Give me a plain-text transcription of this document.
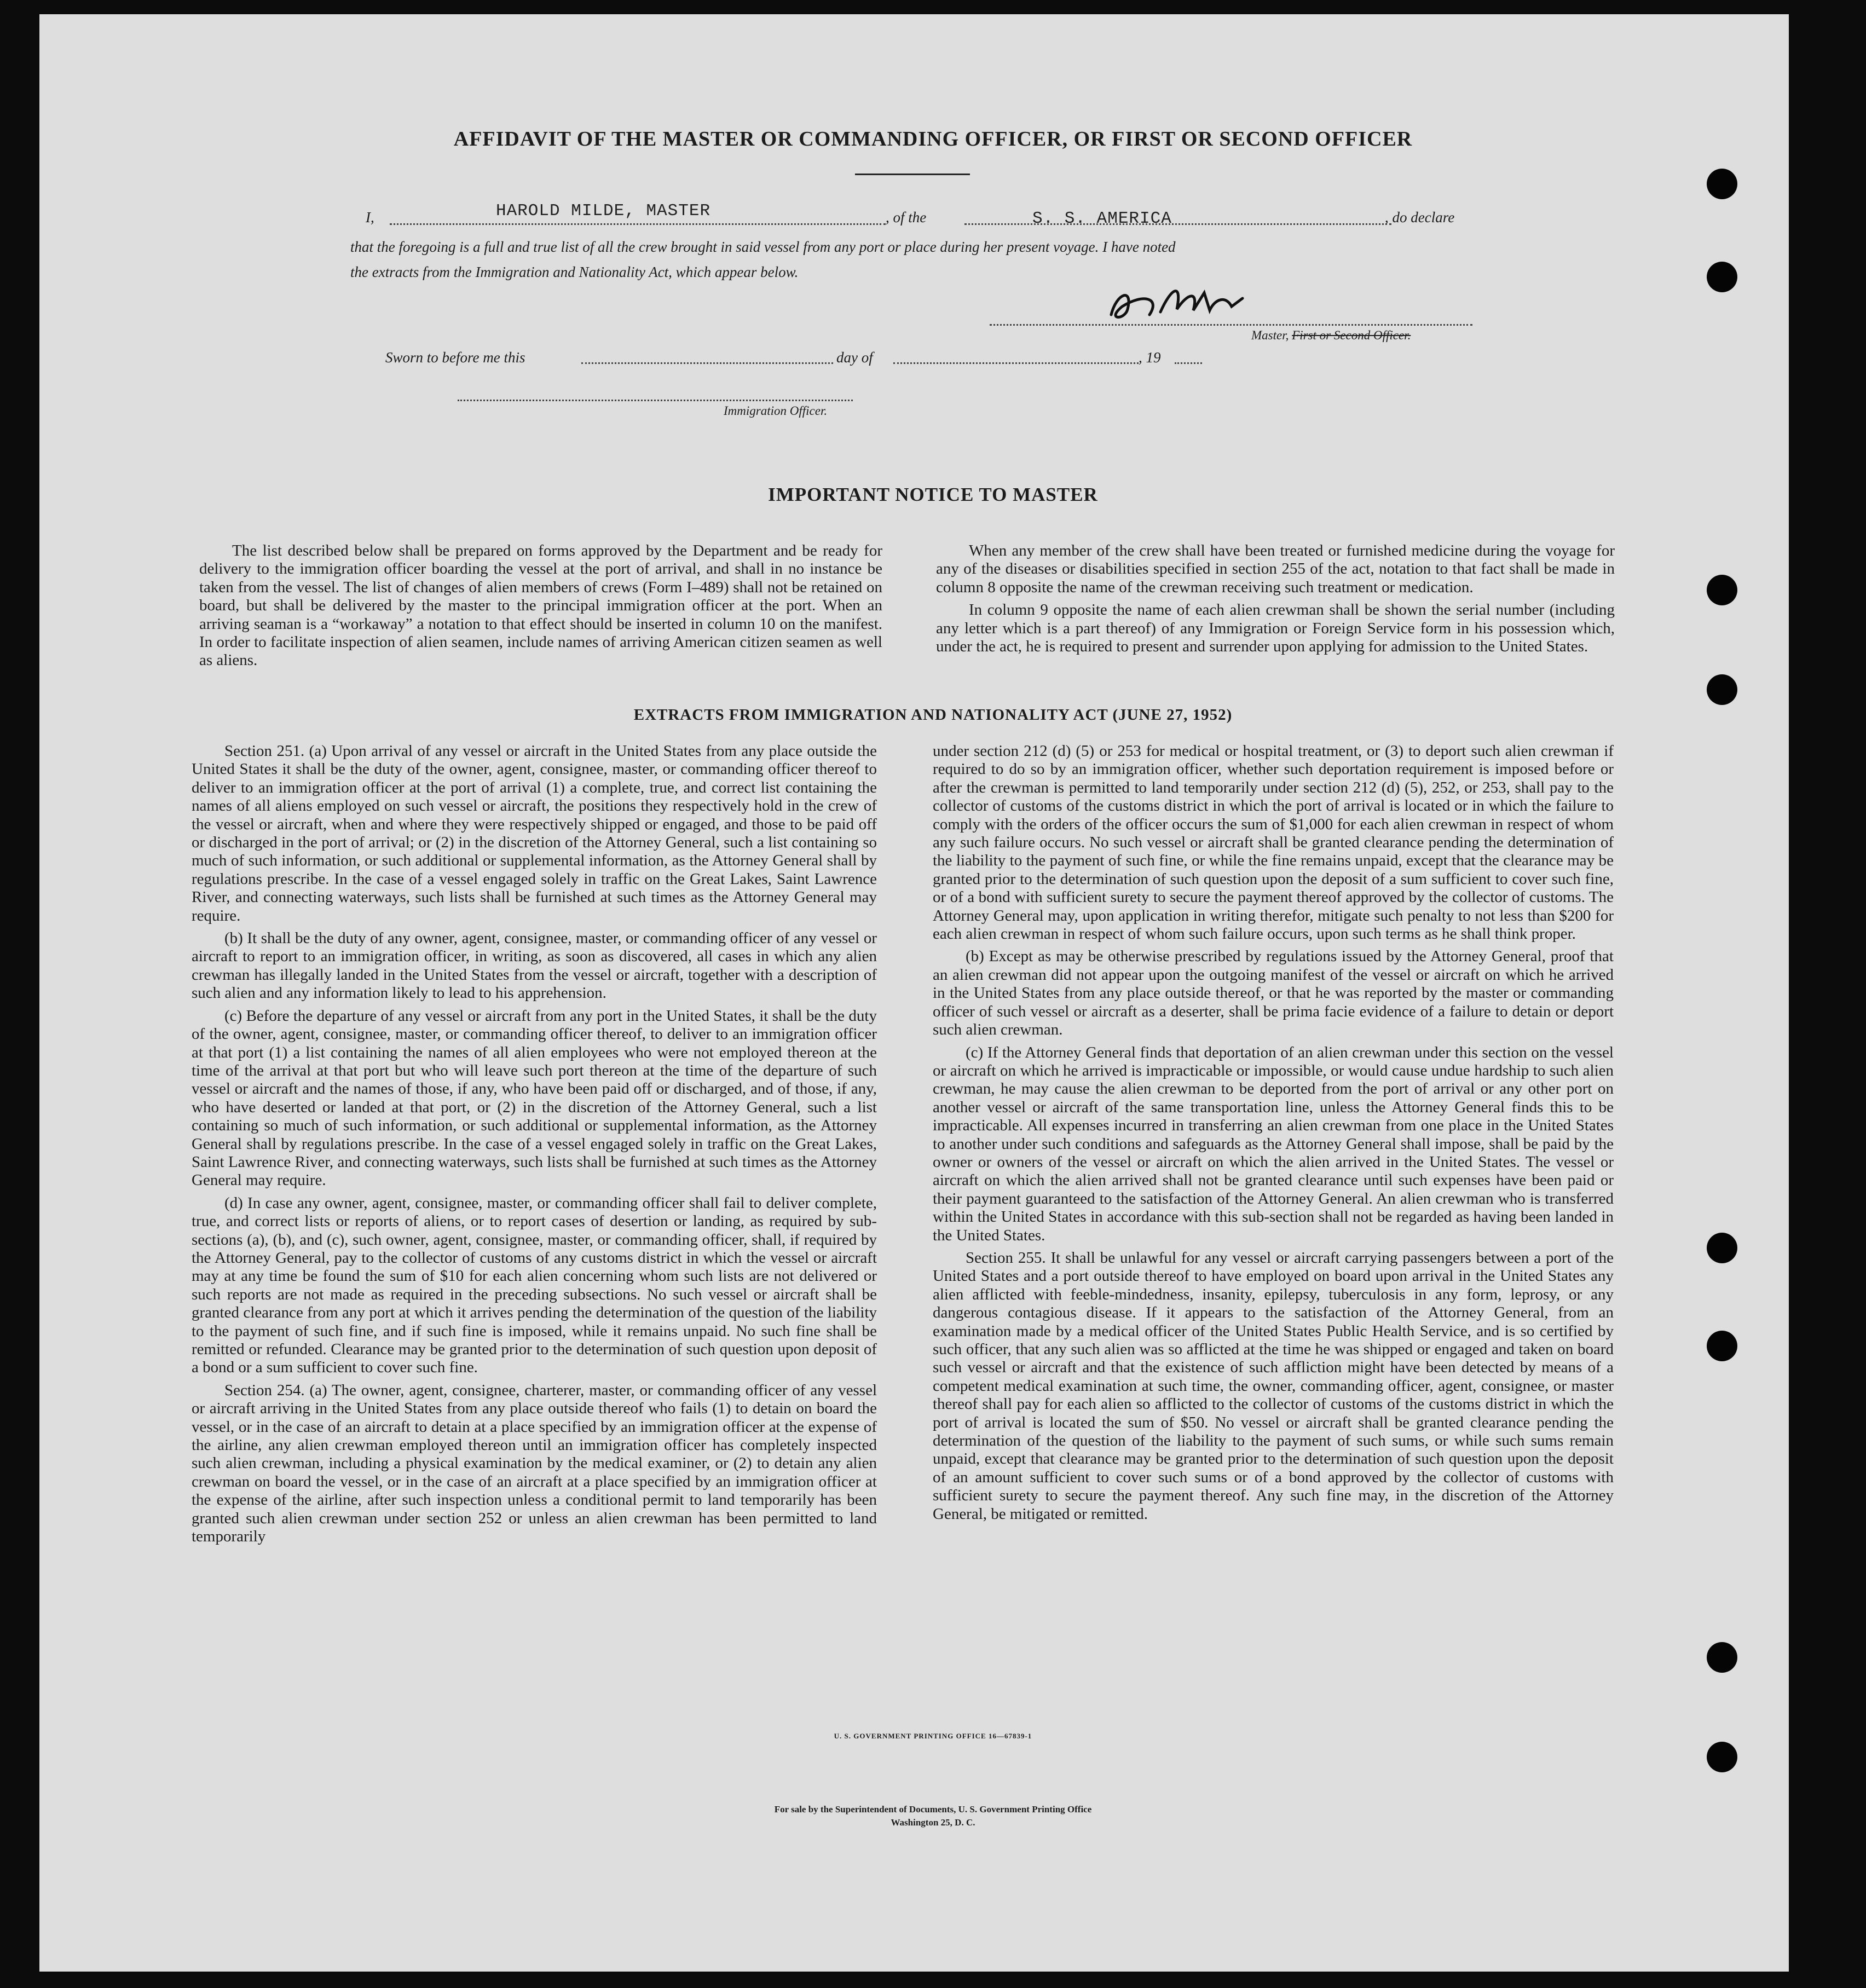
AFFIDAVIT OF THE MASTER OR COMMANDING OFFICER, OR FIRST OR SECOND OFFICER
I,	HAROLD MILDE, MASTER	, of the	S. S. AMERICA	, do declare
that the foregoing is a full and true list of all the crew brought in said vessel from any port or place during her present voyage. I have noted
the extracts from the Immigration and Nationality Act, which appear below.
Master, First or Second Officer.
Sworn to before me this	day of	, 19
Immigration Officer.
IMPORTANT NOTICE TO MASTER

The list described below shall be prepared on forms approved by the Department and be ready for delivery to the immigration officer boarding the vessel at the port of arrival, and shall in no instance be taken from the vessel. The list of changes of alien members of crews (Form I–489) shall not be retained on board, but shall be delivered by the master to the principal immigration officer at the port. When an arriving seaman is a “workaway” a notation to that effect should be inserted in column 10 on the manifest. In order to facilitate inspection of alien seamen, include names of arriving American citizen seamen as well as aliens.

When any member of the crew shall have been treated or furnished medicine during the voyage for any of the diseases or disabilities specified in section 255 of the act, notation to that fact shall be made in column 8 opposite the name of the crewman receiving such treatment or medication.

In column 9 opposite the name of each alien crewman shall be shown the serial number (including any letter which is a part thereof) of any Immigration or Foreign Service form in his possession which, under the act, he is required to present and surrender upon applying for admission to the United States.

EXTRACTS FROM IMMIGRATION AND NATIONALITY ACT (JUNE 27, 1952)

Section 251. (a) Upon arrival of any vessel or aircraft in the United States from any place outside the United States it shall be the duty of the owner, agent, consignee, master, or commanding officer thereof to deliver to an immigration officer at the port of arrival (1) a complete, true, and correct list containing the names of all aliens employed on such vessel or aircraft, the positions they respectively hold in the crew of the vessel or aircraft, when and where they were respectively shipped or engaged, and those to be paid off or discharged in the port of arrival; or (2) in the discretion of the Attorney General, such a list containing so much of such information, or such additional or supplemental information, as the Attorney General shall by regulations prescribe. In the case of a vessel engaged solely in traffic on the Great Lakes, Saint Lawrence River, and connecting waterways, such lists shall be furnished at such times as the Attorney General may require.

(b) It shall be the duty of any owner, agent, consignee, master, or commanding officer of any vessel or aircraft to report to an immigration officer, in writing, as soon as discovered, all cases in which any alien crewman has illegally landed in the United States from the vessel or aircraft, together with a description of such alien and any information likely to lead to his apprehension.

(c) Before the departure of any vessel or aircraft from any port in the United States, it shall be the duty of the owner, agent, consignee, master, or commanding officer thereof, to deliver to an immigration officer at that port (1) a list containing the names of all alien employees who were not employed thereon at the time of the arrival at that port but who will leave such port thereon at the time of the departure of such vessel or aircraft and the names of those, if any, who have been paid off or discharged, and of those, if any, who have deserted or landed at that port, or (2) in the discretion of the Attorney General, such a list containing so much of such information, or such additional or supplemental information, as the Attorney General shall by regulations prescribe. In the case of a vessel engaged solely in traffic on the Great Lakes, Saint Lawrence River, and connecting waterways, such lists shall be furnished at such times as the Attorney General may require.

(d) In case any owner, agent, consignee, master, or commanding officer shall fail to deliver complete, true, and correct lists or reports of aliens, or to report cases of desertion or landing, as required by sub-sections (a), (b), and (c), such owner, agent, consignee, master, or commanding officer, shall, if required by the Attorney General, pay to the collector of customs of any customs district in which the vessel or aircraft may at any time be found the sum of $10 for each alien concerning whom such lists are not delivered or such reports are not made as required in the preceding subsections. No such vessel or aircraft shall be granted clearance from any port at which it arrives pending the determination of the question of the liability to the payment of such fine, and if such fine is imposed, while it remains unpaid. No such fine shall be remitted or refunded. Clearance may be granted prior to the determination of such question upon deposit of a bond or a sum sufficient to cover such fine.

Section 254. (a) The owner, agent, consignee, charterer, master, or commanding officer of any vessel or aircraft arriving in the United States from any place outside thereof who fails (1) to detain on board the vessel, or in the case of an aircraft to detain at a place specified by an immigration officer at the expense of the airline, any alien crewman employed thereon until an immigration officer has completely inspected such alien crewman, including a physical examination by the medical examiner, or (2) to detain any alien crewman on board the vessel, or in the case of an aircraft at a place specified by an immigration officer at the expense of the airline, after such inspection unless a conditional permit to land temporarily has been granted such alien crewman under section 252 or unless an alien crewman has been permitted to land temporarily

under section 212 (d) (5) or 253 for medical or hospital treatment, or (3) to deport such alien crewman if required to do so by an immigration officer, whether such deportation requirement is imposed before or after the crewman is permitted to land temporarily under section 212 (d) (5), 252, or 253, shall pay to the collector of customs of the customs district in which the port of arrival is located or in which the failure to comply with the orders of the officer occurs the sum of $1,000 for each alien crewman in respect of whom any such failure occurs. No such vessel or aircraft shall be granted clearance pending the determination of the liability to the payment of such fine, or while the fine remains unpaid, except that the clearance may be granted prior to the determination of such question upon the deposit of a sum sufficient to cover such fine, or of a bond with sufficient surety to secure the payment thereof approved by the collector of customs. The Attorney General may, upon application in writing therefor, mitigate such penalty to not less than $200 for each alien crewman in respect of whom such failure occurs, upon such terms as he shall think proper.

(b) Except as may be otherwise prescribed by regulations issued by the Attorney General, proof that an alien crewman did not appear upon the outgoing manifest of the vessel or aircraft on which he arrived in the United States from any place outside thereof, or that he was reported by the master or commanding officer of such vessel or aircraft as a deserter, shall be prima facie evidence of a failure to detain or deport such alien crewman.

(c) If the Attorney General finds that deportation of an alien crewman under this section on the vessel or aircraft on which he arrived is impracticable or impossible, or would cause undue hardship to such alien crewman, he may cause the alien crewman to be deported from the port of arrival or any other port on another vessel or aircraft of the same transportation line, unless the Attorney General finds this to be impracticable. All expenses incurred in transferring an alien crewman from one place in the United States to another under such conditions and safeguards as the Attorney General shall impose, shall be paid by the owner or owners of the vessel or aircraft on which the alien arrived in the United States. The vessel or aircraft on which the alien arrived shall not be granted clearance until such expenses have been paid or their payment guaranteed to the satisfaction of the Attorney General. An alien crewman who is transferred within the United States in accordance with this sub-section shall not be regarded as having been landed in the United States.

Section 255. It shall be unlawful for any vessel or aircraft carrying passengers between a port of the United States and a port outside thereof to have employed on board upon arrival in the United States any alien afflicted with feeble-mindedness, insanity, epilepsy, tuberculosis in any form, leprosy, or any dangerous contagious disease. If it appears to the satisfaction of the Attorney General, from an examination made by a medical officer of the United States Public Health Service, and is so certified by such officer, that any such alien was so afflicted at the time he was shipped or engaged and taken on board such vessel or aircraft and that the existence of such affliction might have been detected by means of a competent medical examination at such time, the owner, commanding officer, agent, consignee, or master thereof shall pay for each alien so afflicted to the collector of customs of the customs district in which the port of arrival is located the sum of $50. No vessel or aircraft shall be granted clearance pending the determination of the question of the liability to the payment of such sums, or while such sums remain unpaid, except that clearance may be granted prior to the determination of such question upon the deposit of an amount sufficient to cover such sums or of a bond approved by the collector of customs with sufficient surety to secure the payment thereof. Any such fine may, in the discretion of the Attorney General, be mitigated or remitted.

U. S. GOVERNMENT PRINTING OFFICE 16—67839-1
For sale by the Superintendent of Documents, U. S. Government Printing Office
Washington 25, D. C.
